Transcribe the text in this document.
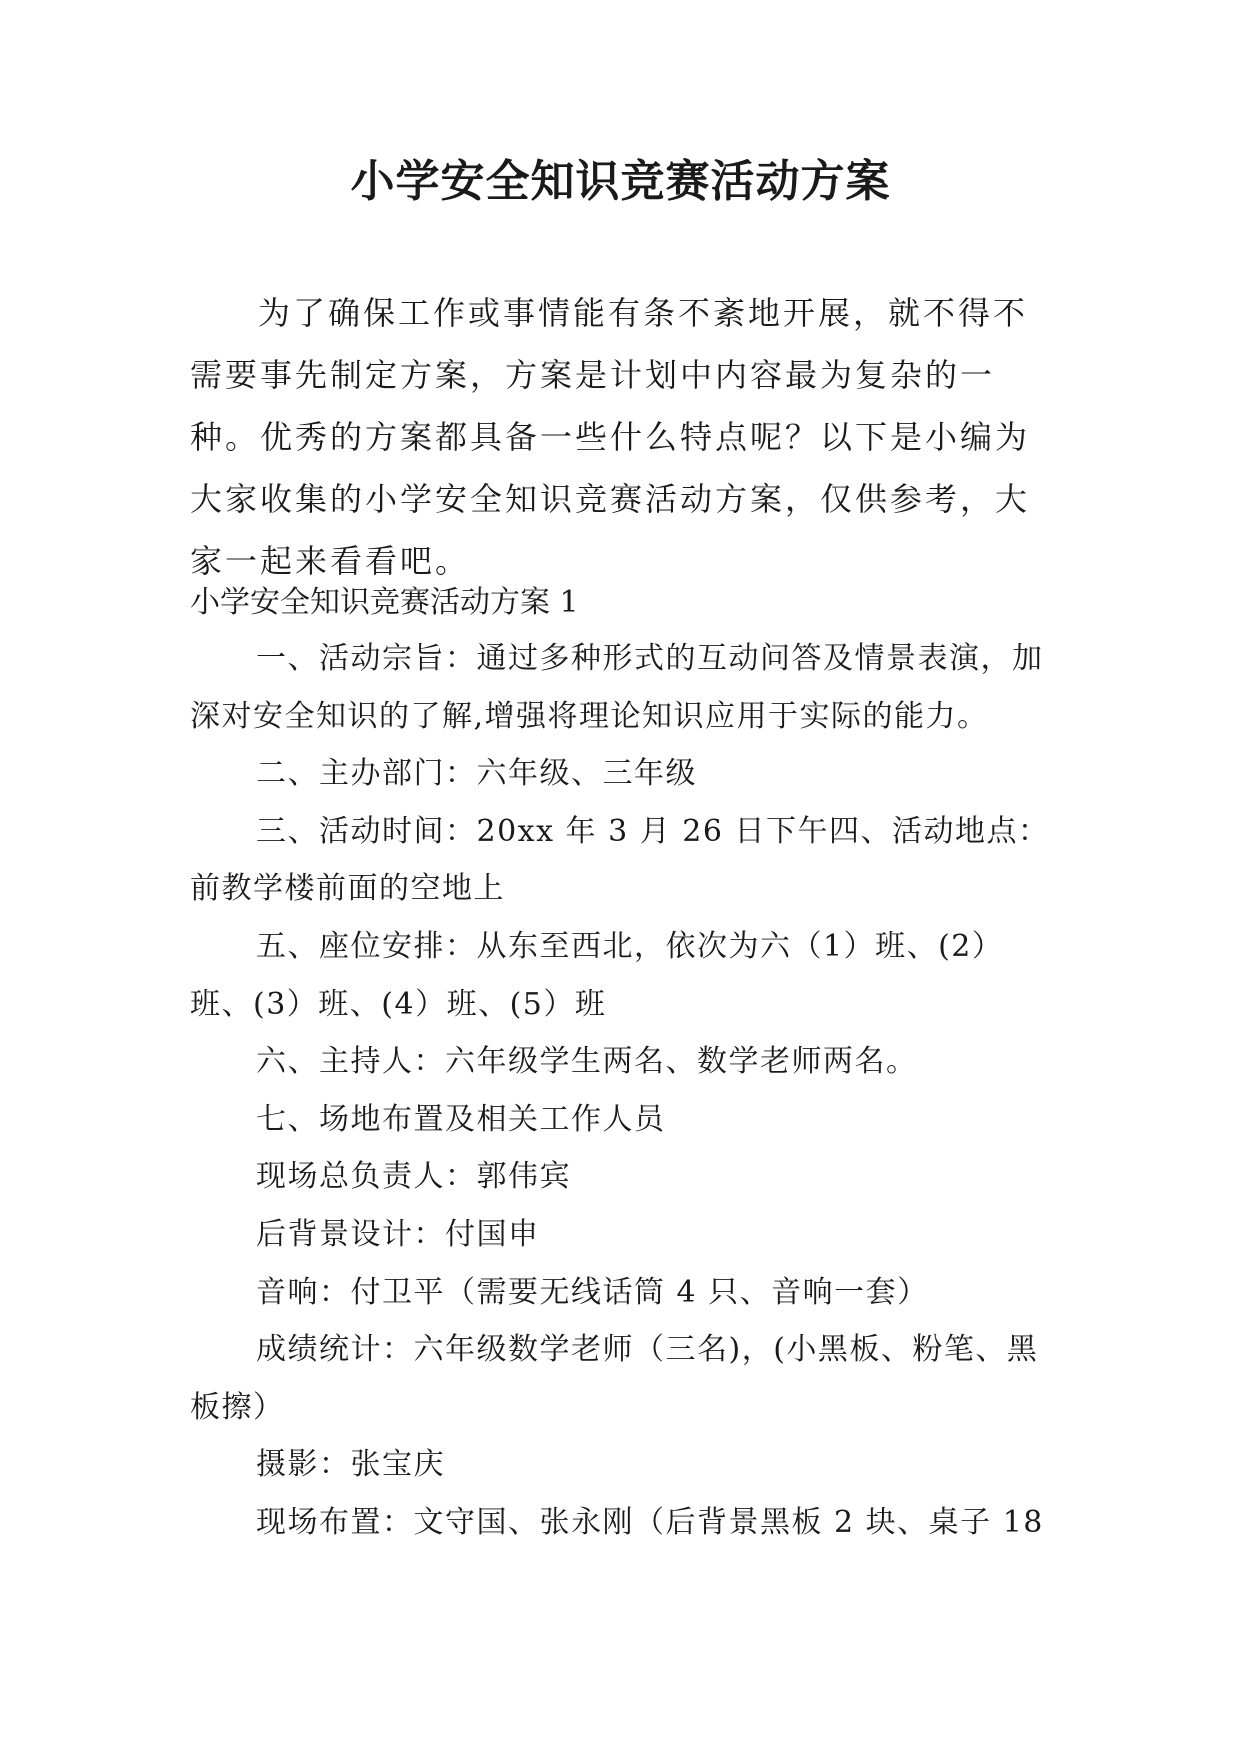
小学安全知识竞赛活动方案

为了确保工作或事情能有条不紊地开展，就不得不需要事先制定方案，方案是计划中内容最为复杂的一种。优秀的方案都具备一些什么特点呢？以下是小编为大家收集的小学安全知识竞赛活动方案，仅供参考，大家一起来看看吧。

小学安全知识竞赛活动方案 1

一、活动宗旨：通过多种形式的互动问答及情景表演，加深对安全知识的了解,增强将理论知识应用于实际的能力。

二、主办部门：六年级、三年级

三、活动时间：20xx 年 3 月 26 日下午四、活动地点：前教学楼前面的空地上

五、座位安排：从东至西北，依次为六（1）班、(2）班、(3）班、(4）班、(5）班

六、主持人：六年级学生两名、数学老师两名。

七、场地布置及相关工作人员

现场总负责人：郭伟宾

后背景设计：付国申

音响：付卫平（需要无线话筒 4 只、音响一套）

成绩统计：六年级数学老师（三名)，(小黑板、粉笔、黑板擦）

摄影：张宝庆

现场布置：文守国、张永刚（后背景黑板 2 块、桌子 18
